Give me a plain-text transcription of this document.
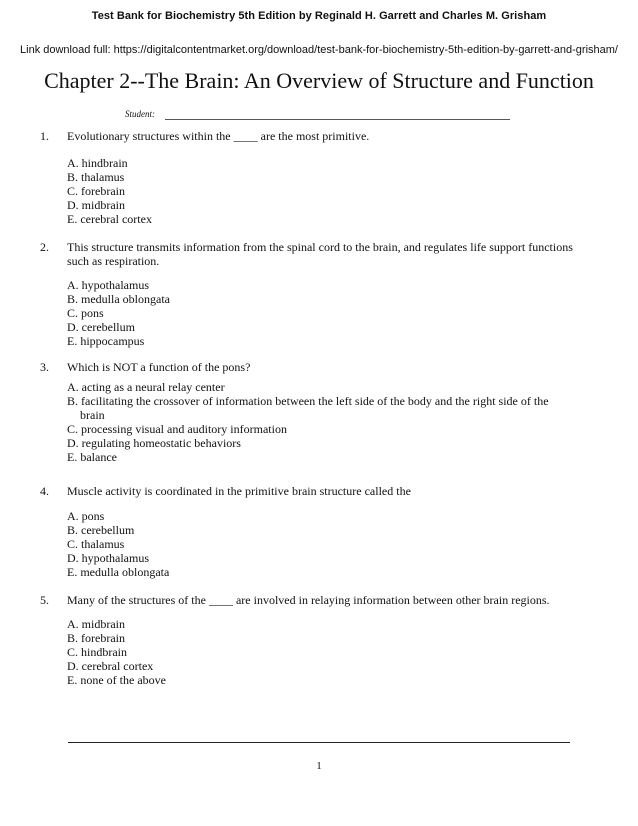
Test Bank for Biochemistry 5th Edition by Reginald H. Garrett and Charles M. Grisham
Link download full: https://digitalcontentmarket.org/download/test-bank-for-biochemistry-5th-edition-by-garrett-and-grisham/
Chapter 2--The Brain: An Overview of Structure and Function
Student:
1.	Evolutionary structures within the ____ are the most primitive.
A. hindbrain
B. thalamus
C. forebrain
D. midbrain
E. cerebral cortex
2.	This structure transmits information from the spinal cord to the brain, and regulates life support functions such as respiration.
A. hypothalamus
B. medulla oblongata
C. pons
D. cerebellum
E. hippocampus
3.	Which is NOT a function of the pons?
A. acting as a neural relay center
B. facilitating the crossover of information between the left side of the body and the right side of the
brain
C. processing visual and auditory information
D. regulating homeostatic behaviors
E. balance
4.	Muscle activity is coordinated in the primitive brain structure called the
A. pons
B. cerebellum
C. thalamus
D. hypothalamus
E. medulla oblongata
5.	Many of the structures of the ____ are involved in relaying information between other brain regions.
A. midbrain
B. forebrain
C. hindbrain
D. cerebral cortex
E. none of the above
1
